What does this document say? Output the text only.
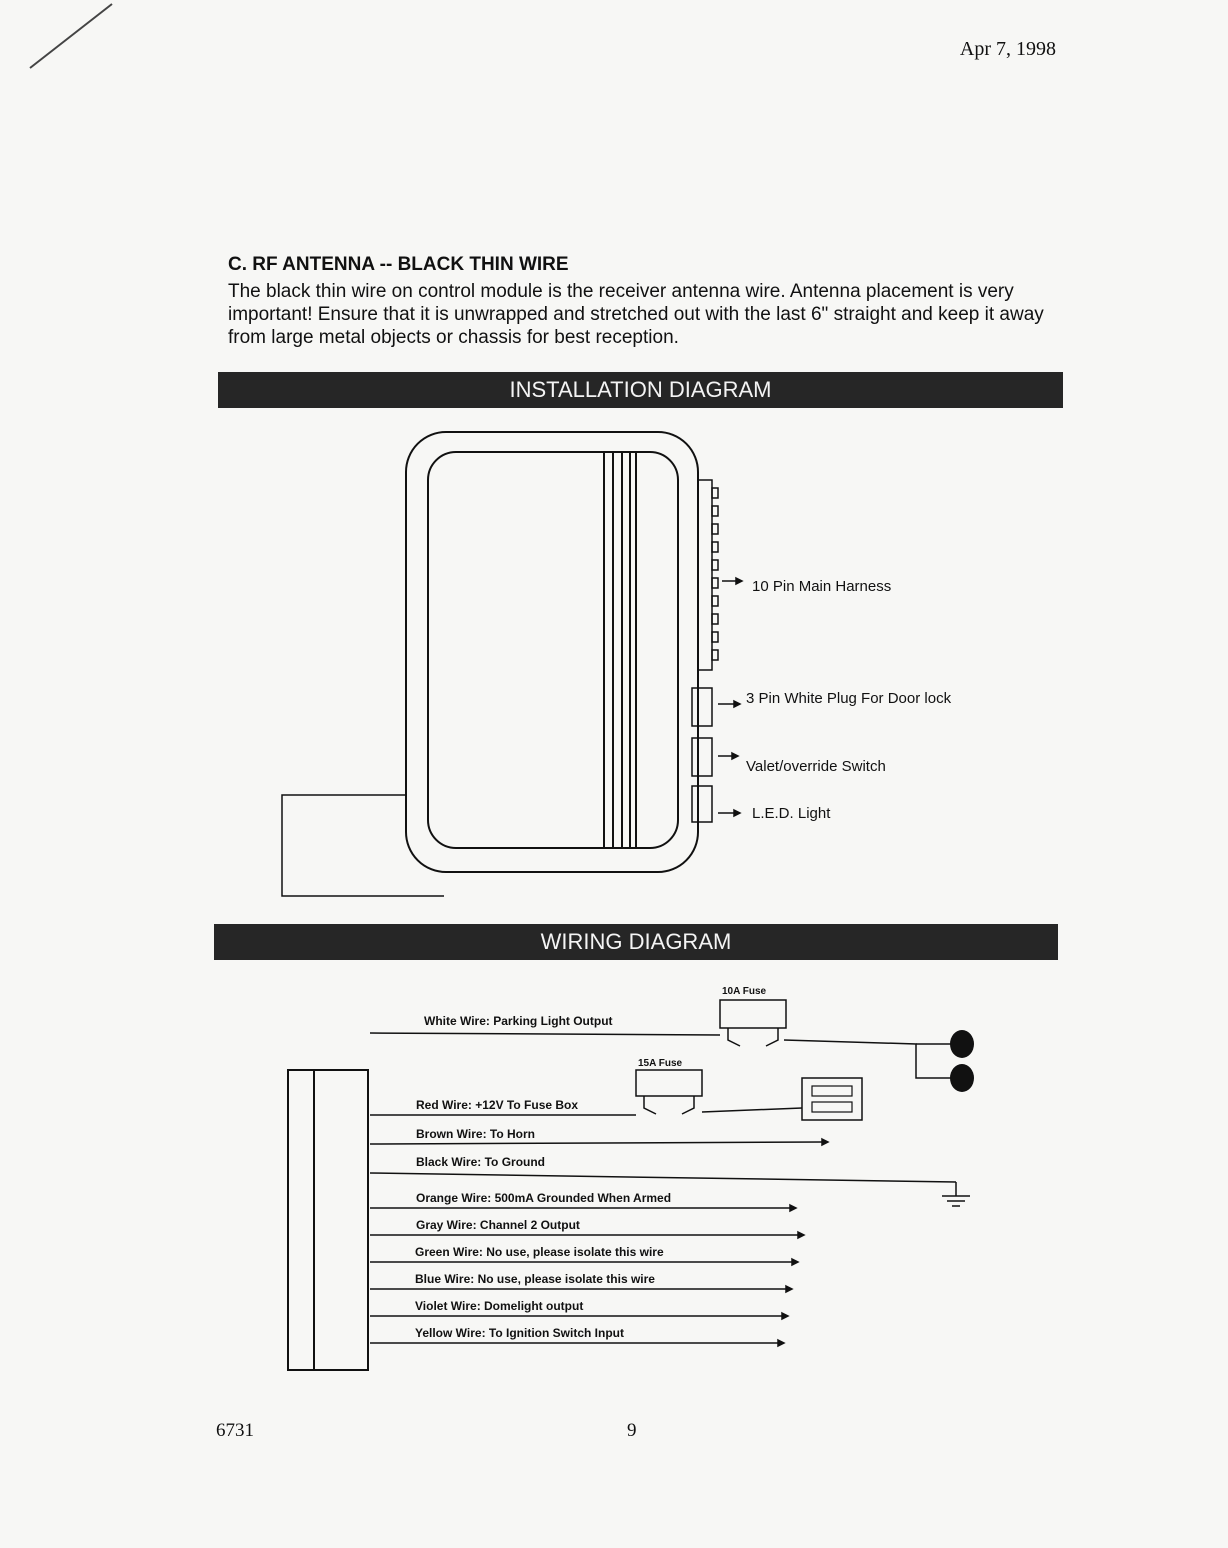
Apr 7, 1998
C. RF ANTENNA -- BLACK THIN WIRE
The black thin wire on control module is the receiver antenna wire. Antenna placement is very important! Ensure that it is unwrapped and stretched out with the last 6" straight and keep it away from large metal objects or chassis for best reception.
INSTALLATION DIAGRAM
10 Pin Main Harness
3 Pin White Plug For Door lock
Valet/override Switch
L.E.D. Light
WIRING DIAGRAM
10A Fuse
15A Fuse
White Wire: Parking Light Output
Red Wire: +12V To Fuse Box
Brown Wire: To Horn
Black Wire: To Ground
Orange Wire: 500mA Grounded When Armed
Gray Wire: Channel 2 Output
Green Wire: No use, please isolate this wire
Blue Wire: No use, please isolate this wire
Violet Wire: Domelight output
Yellow Wire: To Ignition Switch Input
6731	9
